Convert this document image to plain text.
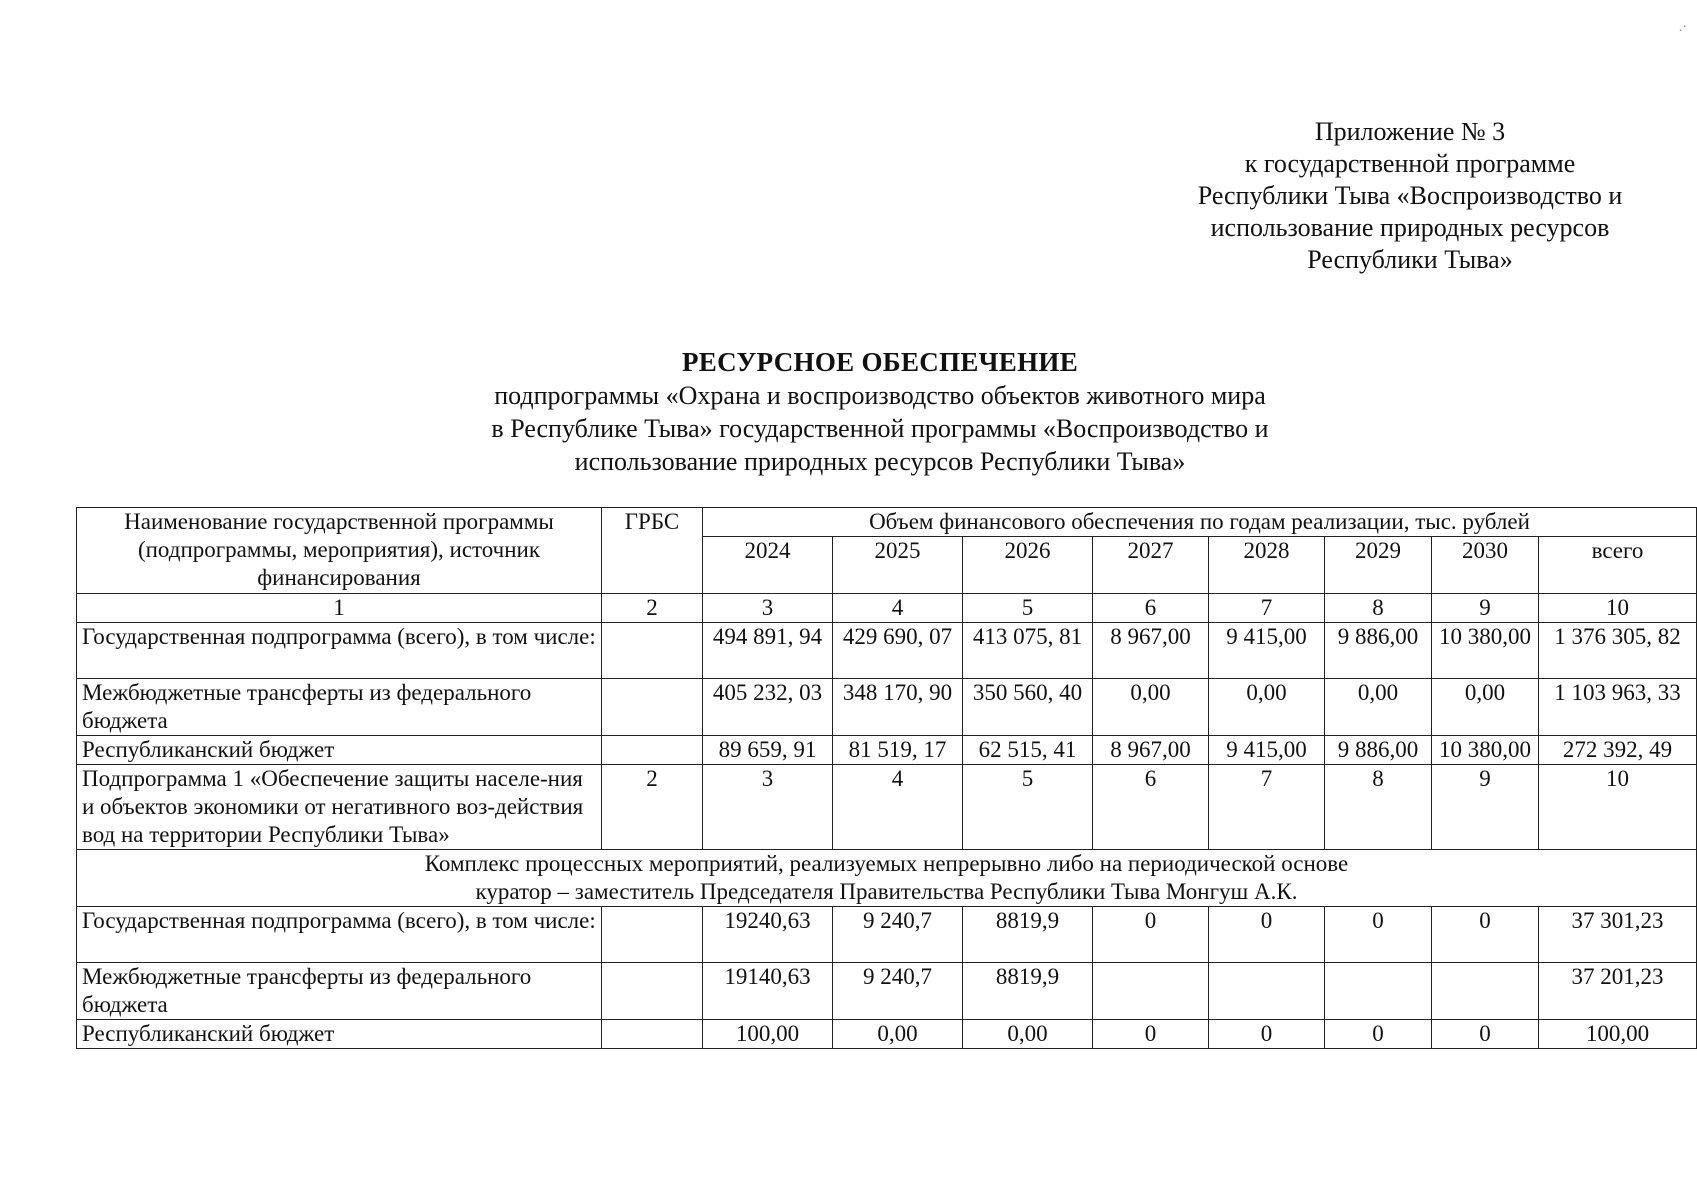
.·
Приложение № 3
к государственной программе
Республики Тыва «Воспроизводство и
использование природных ресурсов
Республики Тыва»
РЕСУРСНОЕ ОБЕСПЕЧЕНИЕ
подпрограммы «Охрана и воспроизводство объектов животного мира
в Республике Тыва» государственной программы «Воспроизводство и
использование природных ресурсов Республики Тыва»
Наименование государственной программы (подпрограммы, мероприятия), источник финансирования	ГРБС	Объем финансового обеспечения по годам реализации, тыс. рублей							
		2024	2025	2026	2027	2028	2029	2030	всего
1	2	3	4	5	6	7	8	9	10
Государственная подпрограмма (всего), в том числе:		494 891, 94	429 690, 07	413 075, 81	8 967,00	9 415,00	9 886,00	10 380,00	1 376 305, 82
Межбюджетные трансферты из федерального бюджета		405 232, 03	348 170, 90	350 560, 40	0,00	0,00	0,00	0,00	1 103 963, 33
Республиканский бюджет		89 659, 91	81 519, 17	62 515, 41	8 967,00	9 415,00	9 886,00	10 380,00	272 392, 49
Подпрограмма 1 «Обеспечение защиты населе-ния и объектов экономики от негативного воз-действия вод на территории Республики Тыва»	2	3	4	5	6	7	8	9	10

Комплекс процессных мероприятий, реализуемых непрерывно либо на периодической основе
куратор – заместитель Председателя Правительства Республики Тыва Монгуш А.К.									

Государственная подпрограмма (всего), в том числе:		19240,63	9 240,7	8819,9	0	0	0	0	37 301,23
Межбюджетные трансферты из федерального бюджета		19140,63	9 240,7	8819,9					37 201,23
Республиканский бюджет		100,00	0,00	0,00	0	0	0	0	100,00
